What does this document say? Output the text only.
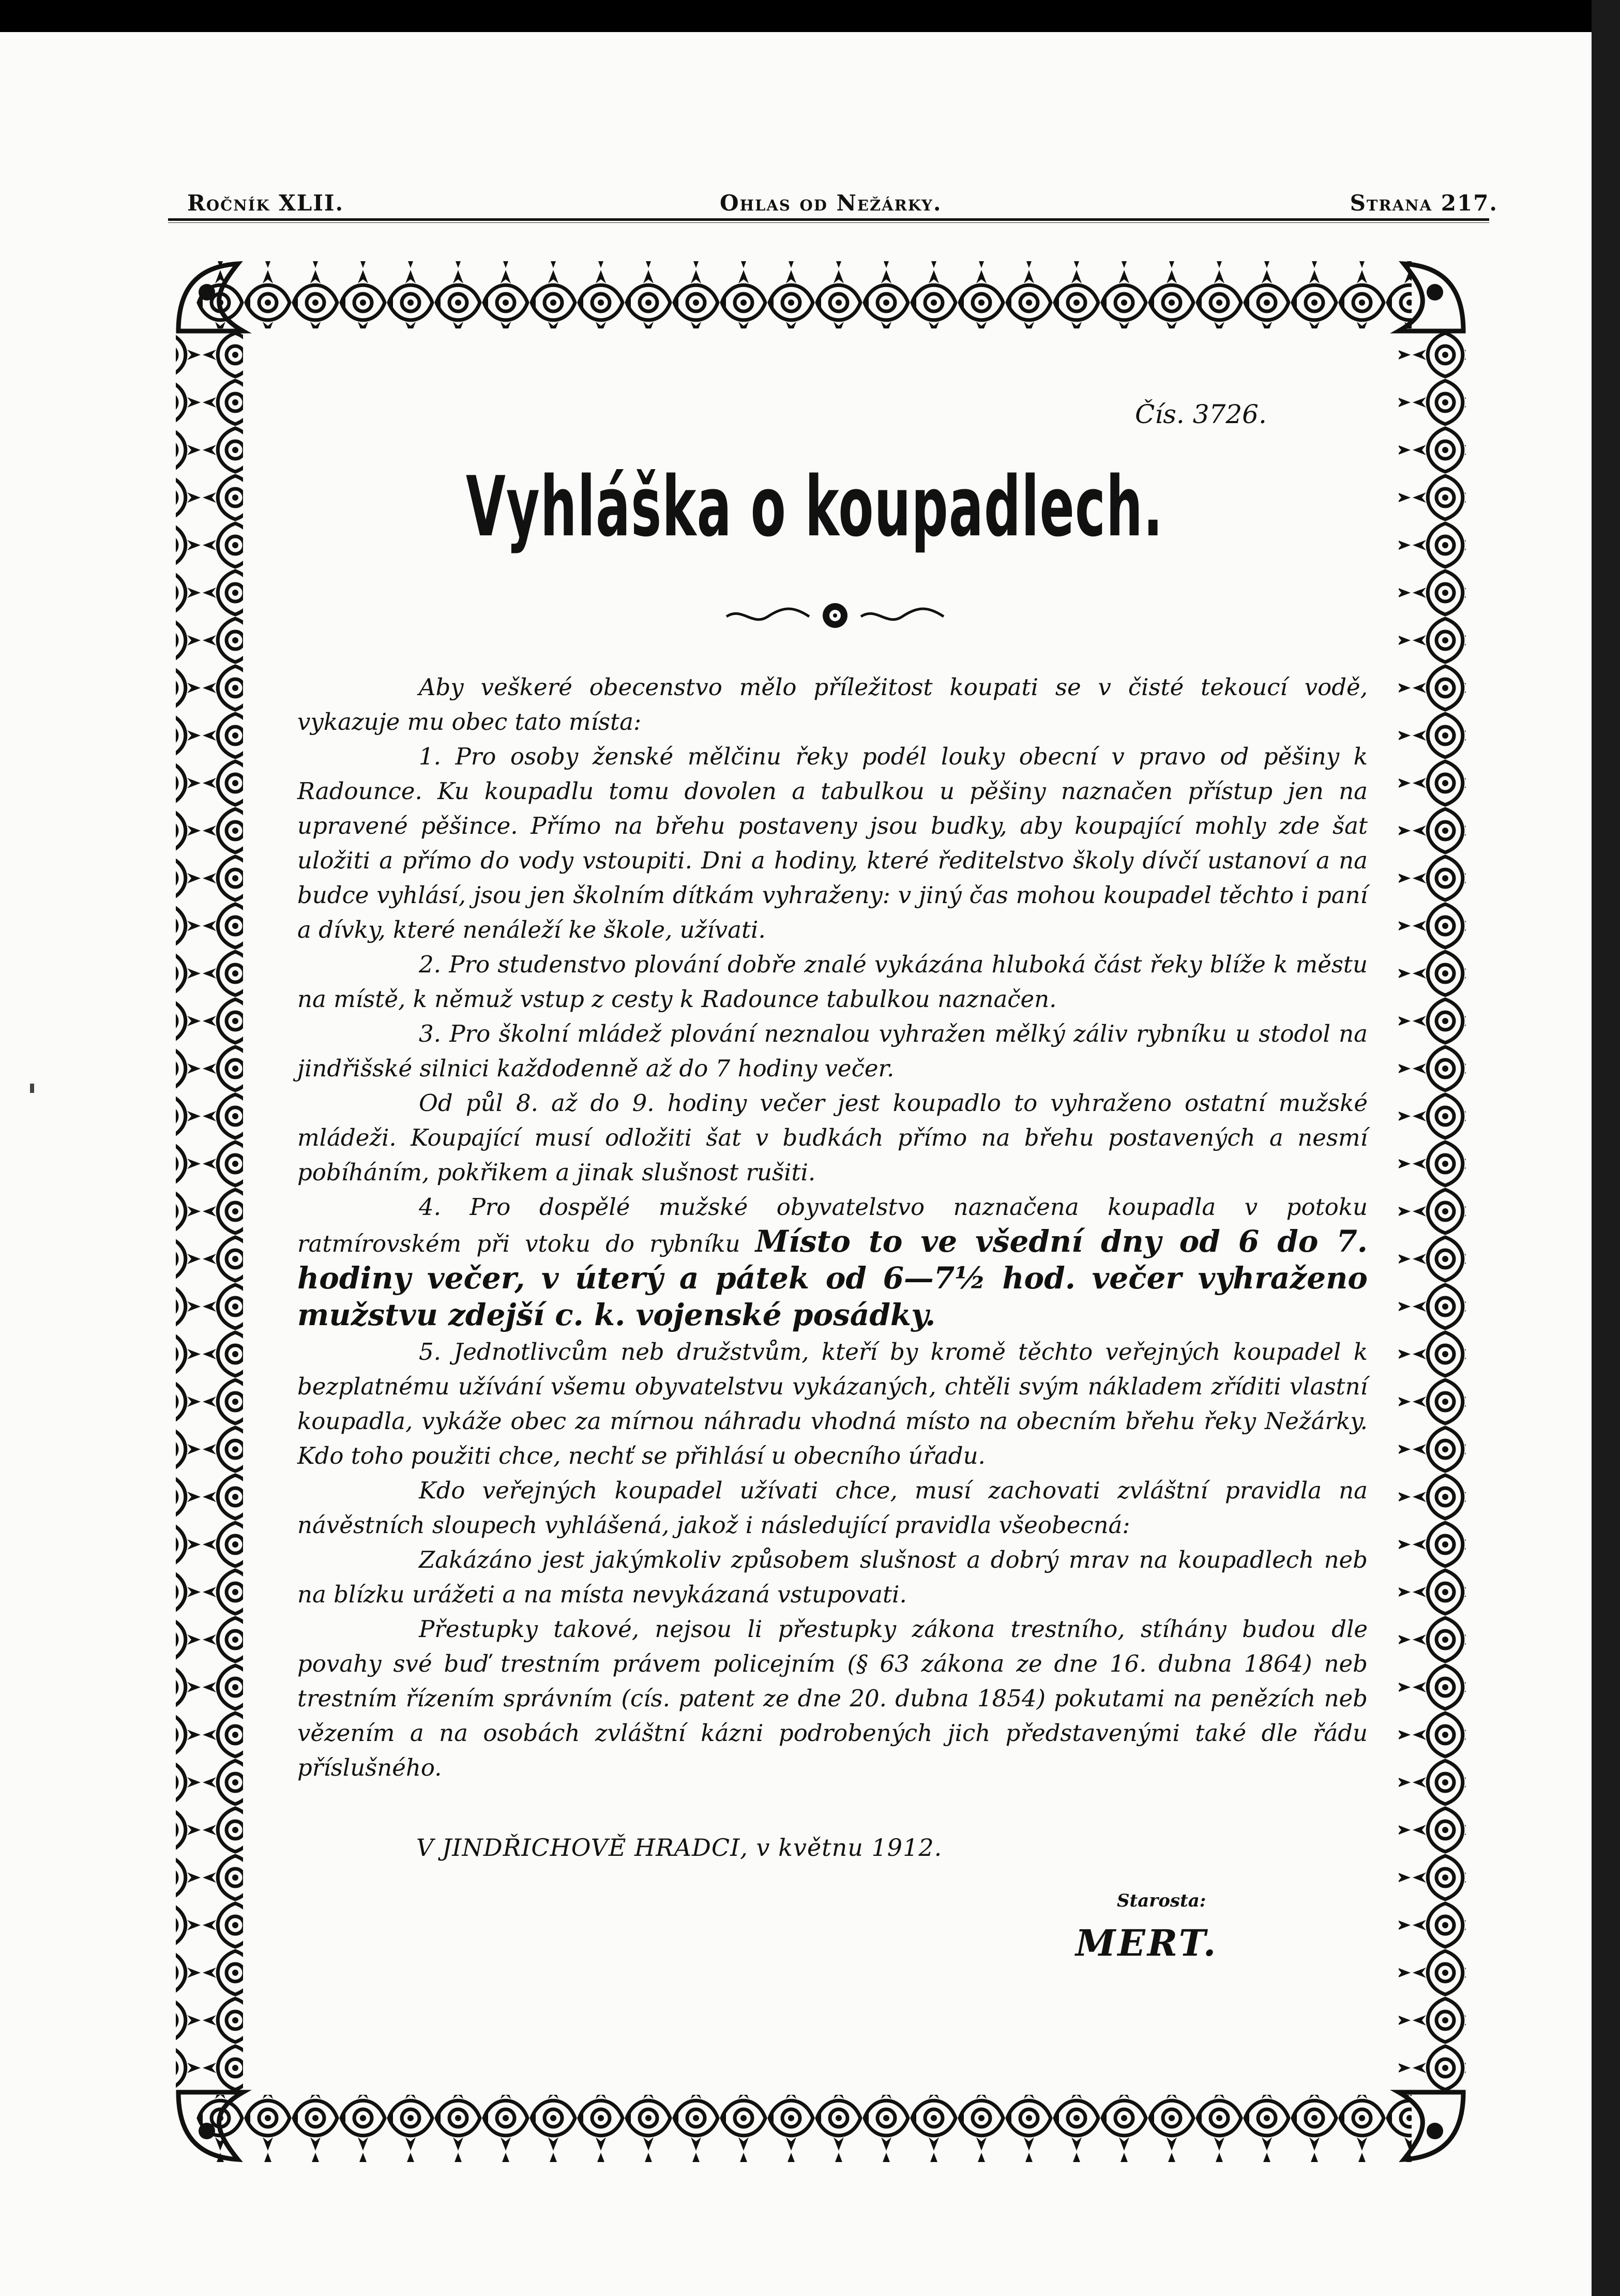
Ročník XLII.	Ohlas od Nežárky.	Strana 217.
Čís. 3726.
Vyhláška o koupadlech.

Aby veškeré obecenstvo mělo příležitost koupati se v čisté tekoucí vodě, vykazuje mu obec tato místa:

1. Pro osoby ženské mělčinu řeky podél louky obecní v pravo od pěšiny k Radounce. Ku koupadlu tomu dovolen a tabulkou u pěšiny naznačen přístup jen na upravené pěšince. Přímo na břehu postaveny jsou budky, aby koupající mohly zde šat uložiti a přímo do vody vstoupiti. Dni a hodiny, které ředitelstvo školy dívčí ustanoví a na budce vyhlásí, jsou jen školním dítkám vyhraženy: v jiný čas mohou koupadel těchto i paní a dívky, které nenáleží ke škole, užívati.

2. Pro studenstvo plování dobře znalé vykázána hluboká část řeky blíže k městu na místě, k němuž vstup z cesty k Radounce tabulkou naznačen.

3. Pro školní mládež plování neznalou vyhražen mělký záliv rybníku u stodol na jindřišské silnici každodenně až do 7 hodiny večer.

Od půl 8. až do 9. hodiny večer jest koupadlo to vyhraženo ostatní mužské mládeži. Koupající musí odložiti šat v budkách přímo na břehu postavených a nesmí pobíháním, pokřikem a jinak slušnost rušiti.

4. Pro dospělé mužské obyvatelstvo naznačena koupadla v potoku ratmírovském při vtoku do rybníku Místo to ve všední dny od 6 do 7. hodiny večer, v úterý a pátek od 6—7½ hod. večer vyhraženo mužstvu zdejší c. k. vojenské posádky.

5. Jednotlivcům neb družstvům, kteří by kromě těchto veřejných koupadel k bezplatnému užívání všemu obyvatelstvu vykázaných, chtěli svým nákladem zříditi vlastní koupadla, vykáže obec za mírnou náhradu vhodná místo na obecním břehu řeky Nežárky. Kdo toho použiti chce, nechť se přihlásí u obecního úřadu.

Kdo veřejných koupadel užívati chce, musí zachovati zvláštní pravidla na návěstních sloupech vyhlášená, jakož i následující pravidla všeobecná:

Zakázáno jest jakýmkoliv způsobem slušnost a dobrý mrav na koupadlech neb na blízku urážeti a na místa nevykázaná vstupovati.

Přestupky takové, nejsou li přestupky zákona trestního, stíhány budou dle povahy své buď trestním právem policejním (§ 63 zákona ze dne 16. dubna 1864) neb trestním řízením správním (cís. patent ze dne 20. dubna 1854) pokutami na penězích neb vězením a na osobách zvláštní kázni podrobených jich představenými také dle řádu příslušného.

V JINDŘICHOVĚ HRADCI, v květnu 1912.
Starosta:
MERT.
